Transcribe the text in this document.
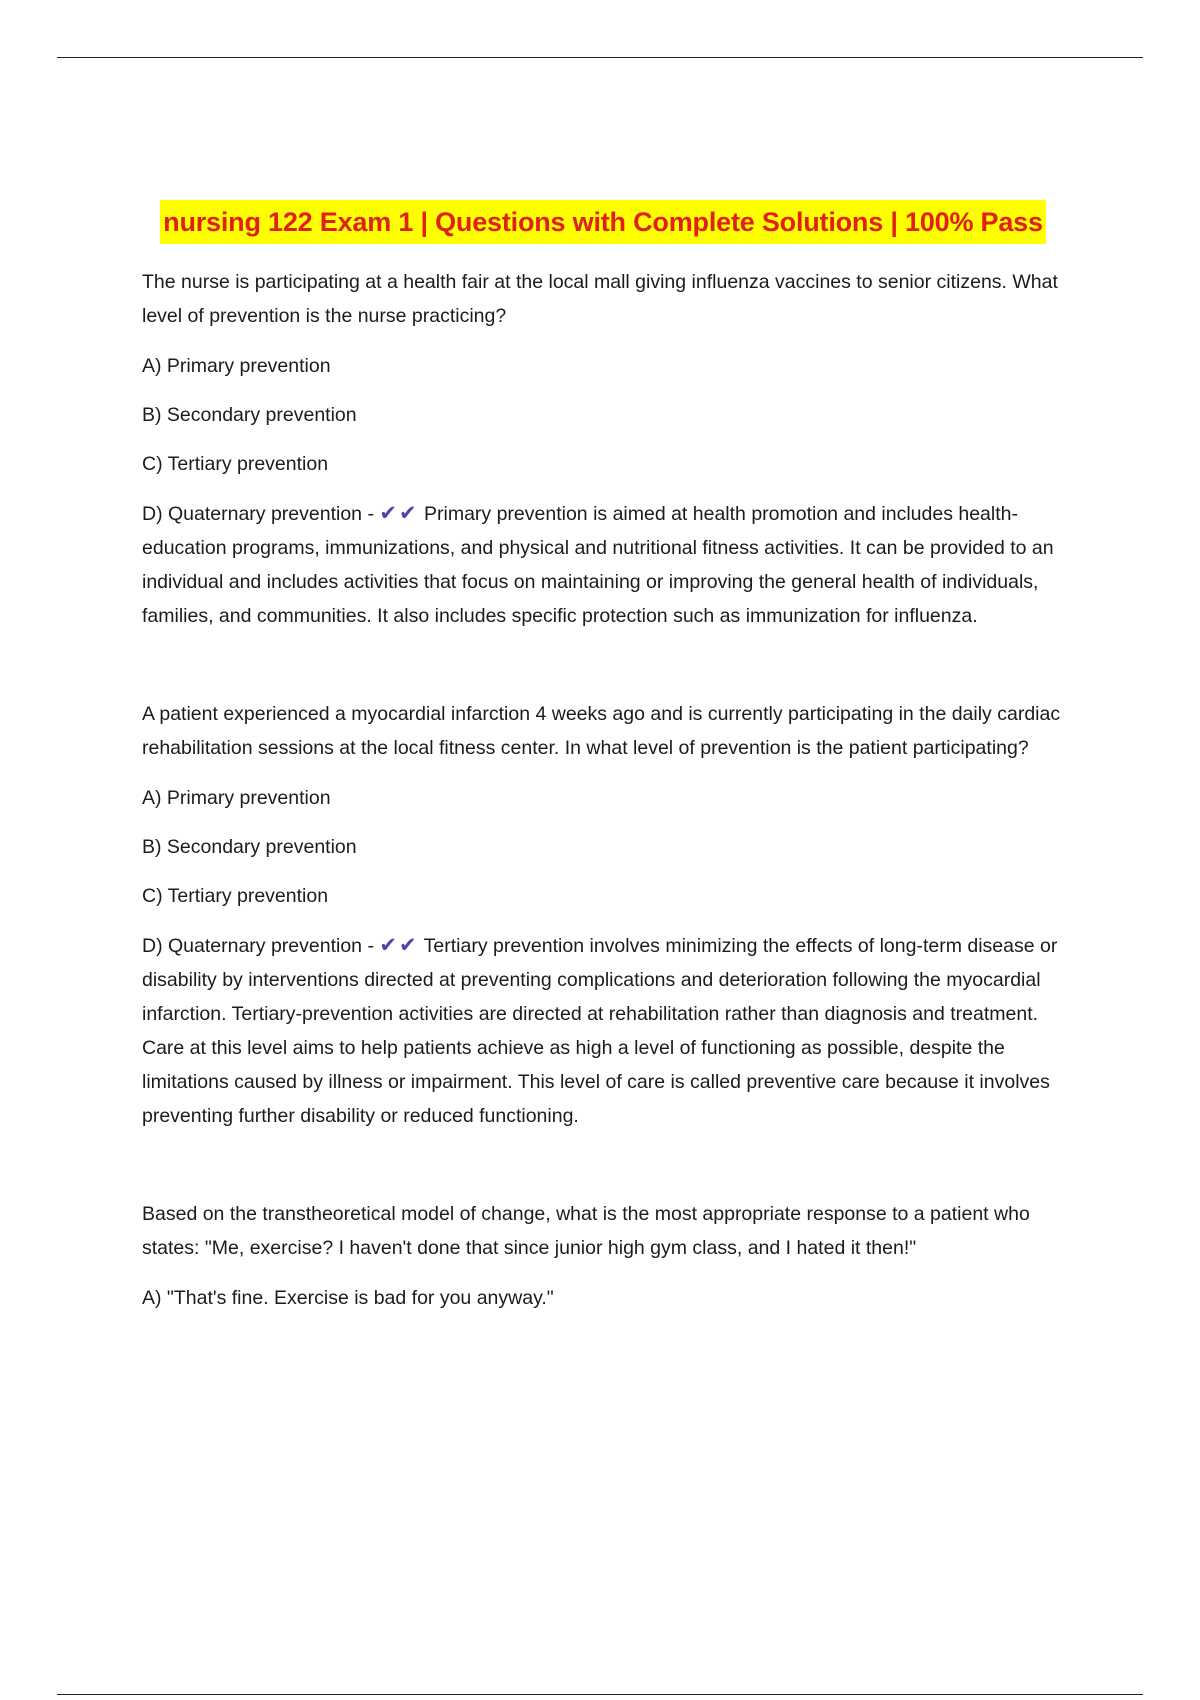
nursing 122 Exam 1 | Questions with Complete Solutions | 100% Pass

The nurse is participating at a health fair at the local mall giving influenza vaccines to senior citizens. What level of prevention is the nurse practicing?

A) Primary prevention

B) Secondary prevention

C) Tertiary prevention

D) Quaternary prevention - ✔✔ Primary prevention is aimed at health promotion and includes health-education programs, immunizations, and physical and nutritional fitness activities. It can be provided to an individual and includes activities that focus on maintaining or improving the general health of individuals, families, and communities. It also includes specific protection such as immunization for influenza.

A patient experienced a myocardial infarction 4 weeks ago and is currently participating in the daily cardiac rehabilitation sessions at the local fitness center. In what level of prevention is the patient participating?

A) Primary prevention

B) Secondary prevention

C) Tertiary prevention

D) Quaternary prevention - ✔✔ Tertiary prevention involves minimizing the effects of long-term disease or disability by interventions directed at preventing complications and deterioration following the myocardial infarction. Tertiary-prevention activities are directed at rehabilitation rather than diagnosis and treatment. Care at this level aims to help patients achieve as high a level of functioning as possible, despite the limitations caused by illness or impairment. This level of care is called preventive care because it involves preventing further disability or reduced functioning.

Based on the transtheoretical model of change, what is the most appropriate response to a patient who states: "Me, exercise? I haven't done that since junior high gym class, and I hated it then!"

A) "That's fine. Exercise is bad for you anyway."
